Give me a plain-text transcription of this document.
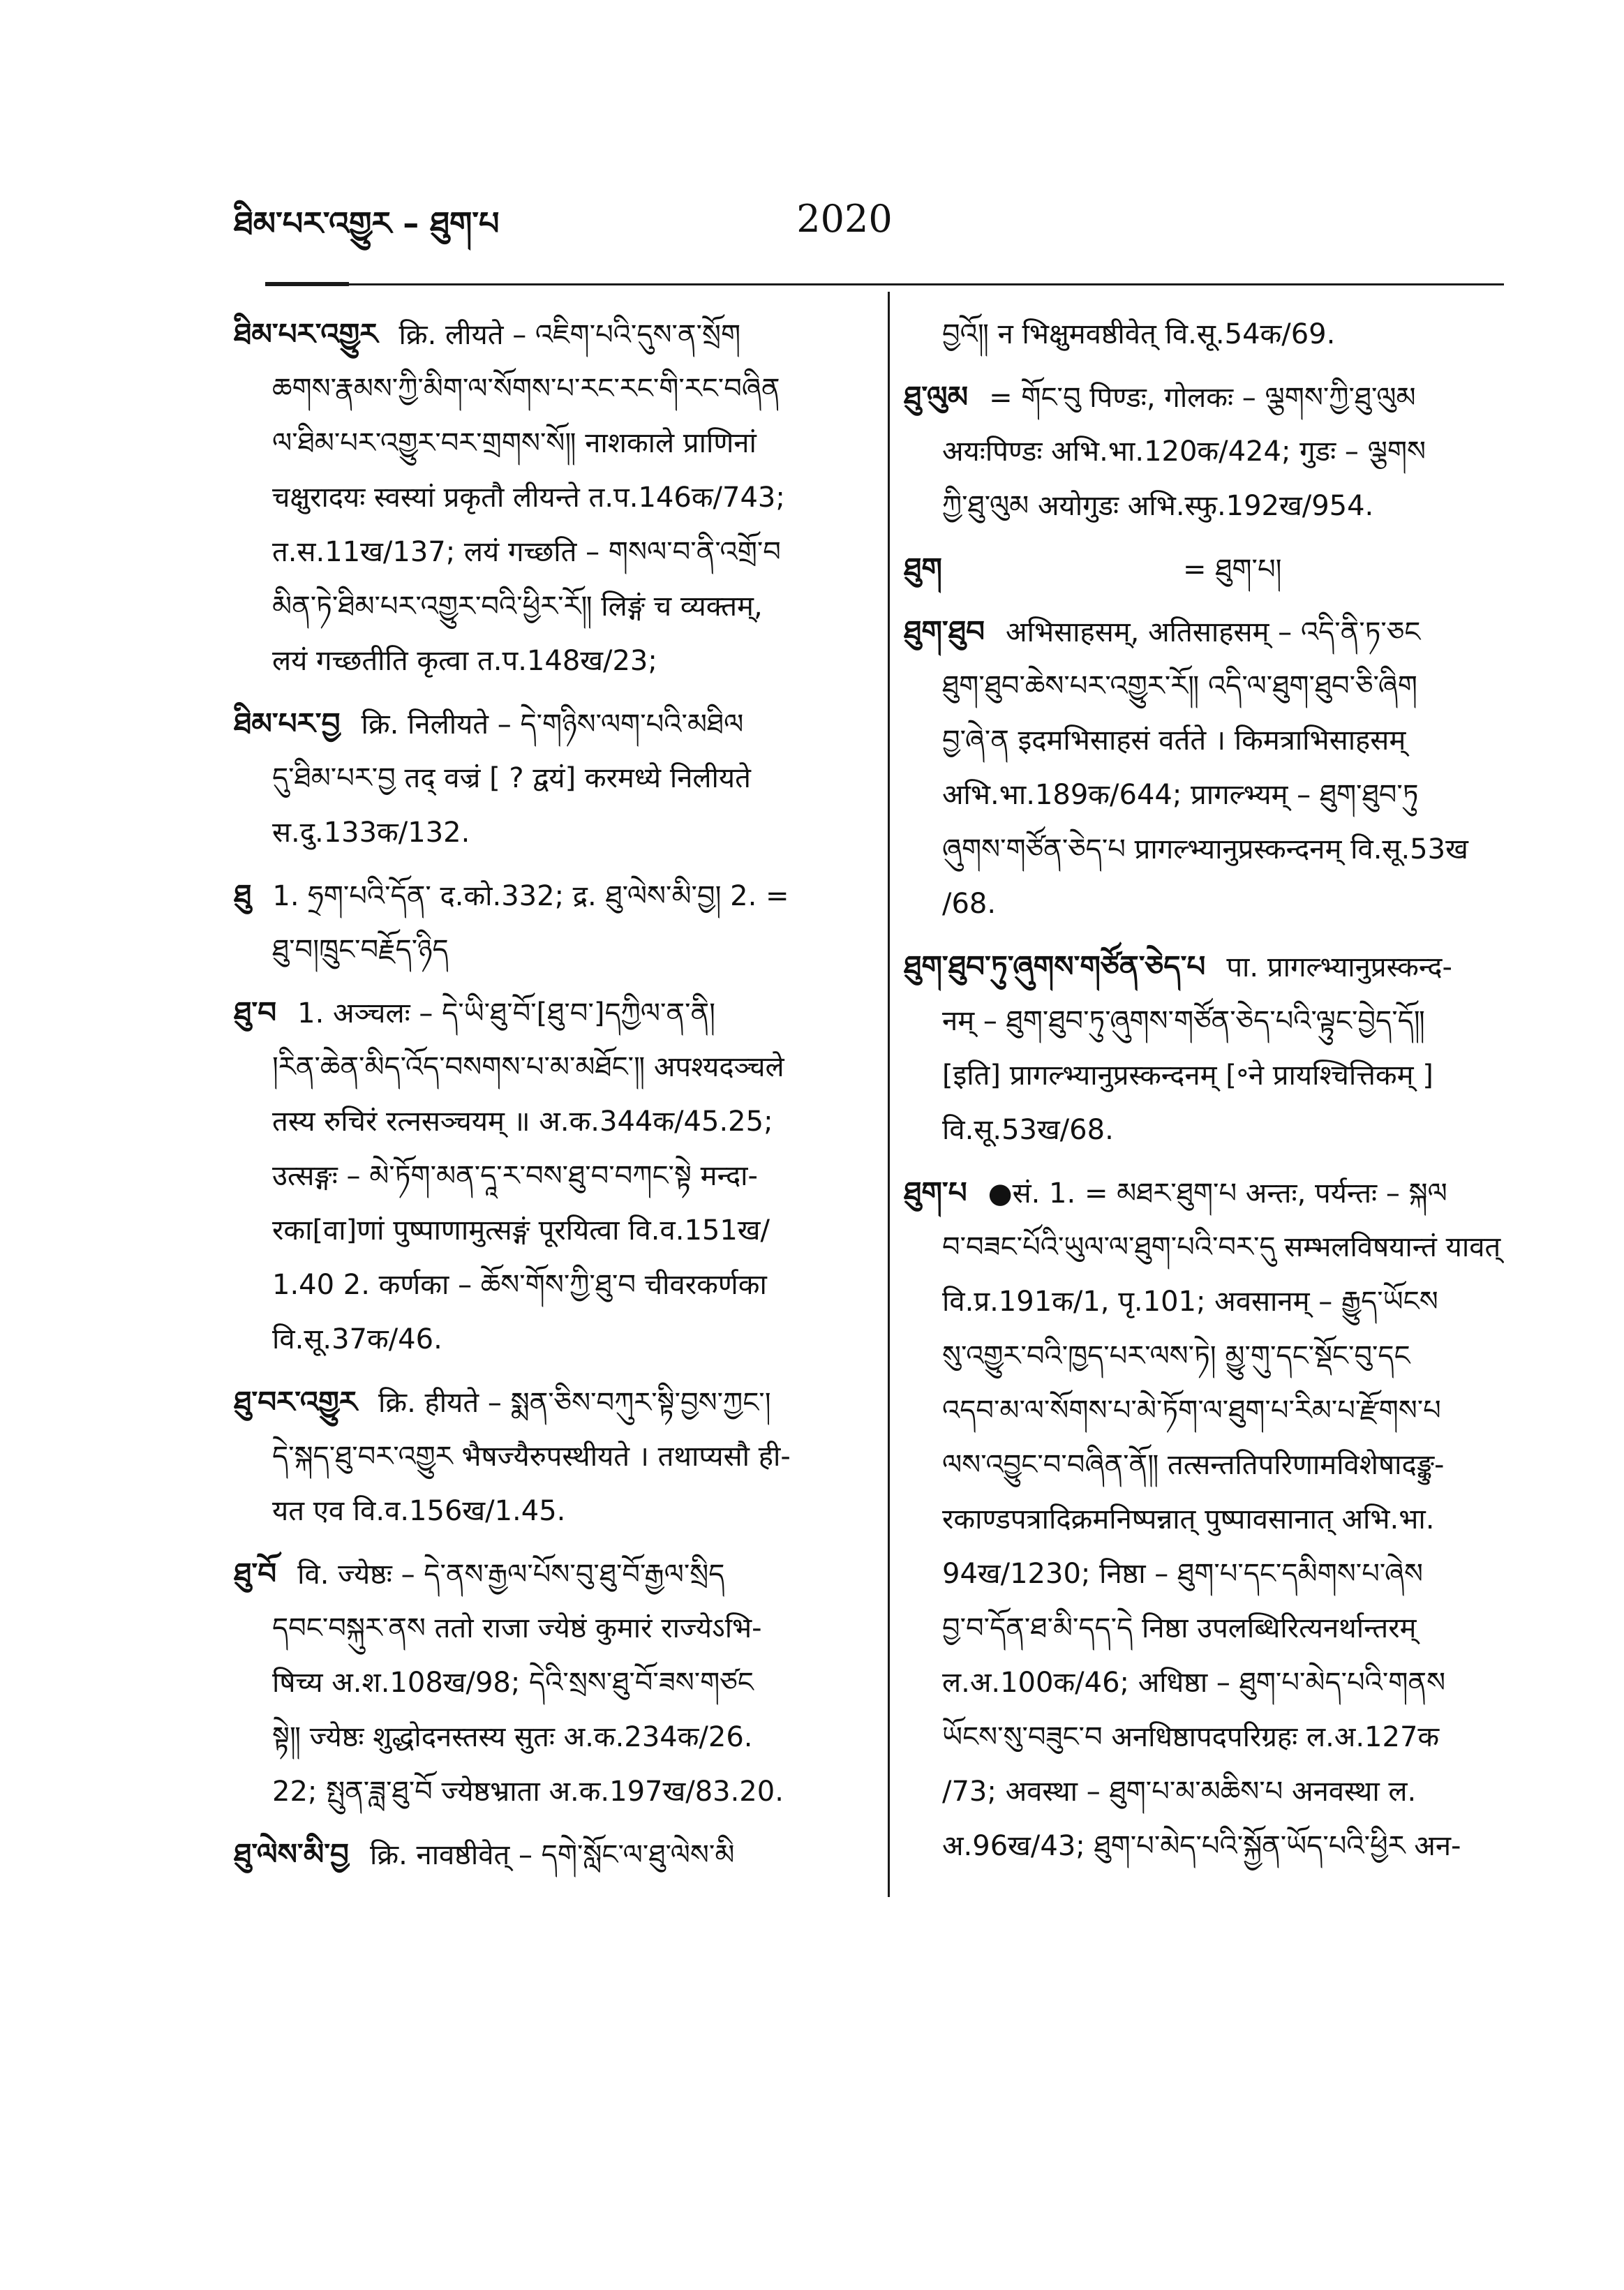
ཐིམ་པར་འགྱུར – ཐུག་པ	2020
ཐིམ་པར་འགྱུར क्रि. लीयते – འཇིག་པའི་དུས་ན་སྲོག
ཆགས་རྣམས་ཀྱི་མིག་ལ་སོགས་པ་རང་རང་གི་རང་བཞིན
ལ་ཐིམ་པར་འགྱུར་བར་གྲགས་སོ༎ नाशकाले प्राणिनां
चक्षुरादयः स्वस्यां प्रकृतौ लीयन्ते त.प.146क/743;
त.स.11ख/137; लयं गच्छति – གསལ་བ་ནི་འགྲོ་བ
མིན་ཏེ་ཐིམ་པར་འགྱུར་བའི་ཕྱིར་རོ༎ लिङ्गं च व्यक्तम्,
लयं गच्छतीति कृत्वा त.प.148ख/23;
ཐིམ་པར་བྱ क्रि. निलीयते – དེ་གཉིས་ལག་པའི་མཐིལ
དུ་ཐིམ་པར་བྱ तद् वज्रं [ ? द्वयं] करमध्ये निलीयते
स.दु.133क/132.
ཐུ 1. ཧྲག་པའི་དོན་ द.को.332; द्र. ཐུ་ལེས་མི་བྱ། 2. =
ཐུ་བ།ཁྲུང་བརྗོད་ཉིད
ཐུ་བ 1. अञ्चलः – དེ་ཡི་ཐུ་བོ་[ཐུ་བ་]དཀྱིལ་ན་ནི།
།རིན་ཆེན་མིད་འོད་བསགས་པ་མ་མཐོང་༎ अपश्यदञ्चले
तस्य रुचिरं रत्नसञ्चयम् ॥ अ.क.344क/45.25;
उत्सङ्गः – མེ་ཏོག་མན་དཱ་ར་བས་ཐུ་བ་བཀང་སྟེ मन्दा-
रका[वा]णां पुष्पाणामुत्सङ्गं पूरयित्वा वि.व.151ख/
1.40 2. कर्णका – ཆོས་གོས་ཀྱི་ཐུ་བ चीवरकर्णका
वि.सू.37क/46.
ཐུ་བར་འགྱུར क्रि. हीयते – སྨན་ཅིས་བཀུར་སྟི་བྱས་ཀྱང་།
དེ་སྐད་ཐུ་བར་འགྱུར भैषज्यैरुपस्थीयते । तथाप्यसौ ही-
यत एव वि.व.156ख/1.45.
ཐུ་བོ वि. ज्येष्ठः – དེ་ནས་རྒྱལ་པོས་བུ་ཐུ་བོ་རྒྱལ་སྲིད
དབང་བསྐུར་ནས ततो राजा ज्येष्ठं कुमारं राज्येऽभि-
षिच्य अ.श.108ख/98; དེའི་སྲས་ཐུ་བོ་ཟས་གཙང
སྟེ༎ ज्येष्ठः शुद्धोदनस्तस्य सुतः अ.क.234क/26.
22; སྤུན་ཟླ་ཐུ་བོ ज्येष्ठभ्राता अ.क.197ख/83.20.
ཐུ་ལེས་མི་བྱ क्रि. नावष्ठीवेत् – དགེ་སློང་ལ་ཐུ་ལེས་མི
བྱའོ༎ न भिक्षुमवष्ठीवेत् वि.सू.54क/69.
ཐུ་ལུམ = གོང་བུ पिण्डः, गोलकः – ལྕགས་ཀྱི་ཐུ་ལུམ
अयःपिण्डः अभि.भा.120क/424; गुडः – ལྕགས
ཀྱི་ཐུ་ལུམ अयोगुडः अभि.स्फु.192ख/954.
ཐུག	= ཐུག་པ།
ཐུག་ཐུབ अभिसाहसम्, अतिसाहसम् – འདི་ནི་ཏ་ཅང
ཐུག་ཐུབ་ཆེས་པར་འགྱུར་རོ༎ འདི་ལ་ཐུག་ཐུབ་ཅི་ཞིག
བྱ་ཞེ་ན इदमभिसाहसं वर्तते । किमत्राभिसाहसम्
अभि.भा.189क/644; प्रागल्भ्यम् – ཐུག་ཐུབ་ཏུ
ཞུགས་གཙོན་ཅེད་པ प्रागल्भ्यानुप्रस्कन्दनम् वि.सू.53ख
/68.
ཐུག་ཐུབ་ཏུ་ཞུགས་གཙོན་ཅེད་པ पा. प्रागल्भ्यानुप्रस्कन्द-
नम् – ཐུག་ཐུབ་ཏུ་ཞུགས་གཙོན་ཅེད་པའི་ལྟུང་བྱེད་དོ༎
[इति] प्रागल्भ्यानुप्रस्कन्दनम् [॰ने प्रायश्चित्तिकम् ]
वि.सू.53ख/68.
ཐུག་པ ●सं. 1. = མཐར་ཐུག་པ अन्तः, पर्यन्तः – སྐལ
བ་བཟང་པོའི་ཡུལ་ལ་ཐུག་པའི་བར་དུ सम्भलविषयान्तं यावत्
वि.प्र.191क/1, पृ.101; अवसानम् – རྒྱུད་ཡོངས
སུ་འགྱུར་བའི་ཁྱད་པར་ལས་ཏེ། མྱུ་གུ་དང་སྡོང་བུ་དང
འདབ་མ་ལ་སོགས་པ་མེ་ཏོག་ལ་ཐུག་པ་རིམ་པ་རྫོགས་པ
ལས་འབྱུང་བ་བཞིན་ནོ༎ तत्सन्ततिपरिणामविशेषादङ्कु-
रकाण्डपत्रादिक्रमनिष्पन्नात् पुष्पावसानात् अभि.भा.
94ख/1230; निष्ठा – ཐུག་པ་དང་དམིགས་པ་ཞེས
བྱ་བ་དོན་ཐ་མི་དད་དེ निष्ठा उपलब्धिरित्यनर्थान्तरम्
ल.अ.100क/46; अधिष्ठा – ཐུག་པ་མེད་པའི་གནས
ཡོངས་སུ་བཟུང་བ अनधिष्ठापदपरिग्रहः ल.अ.127क
/73; अवस्था – ཐུག་པ་མ་མཆིས་པ अनवस्था ल.
अ.96ख/43; ཐུག་པ་མེད་པའི་སྐྱོན་ཡོད་པའི་ཕྱིར अन-
